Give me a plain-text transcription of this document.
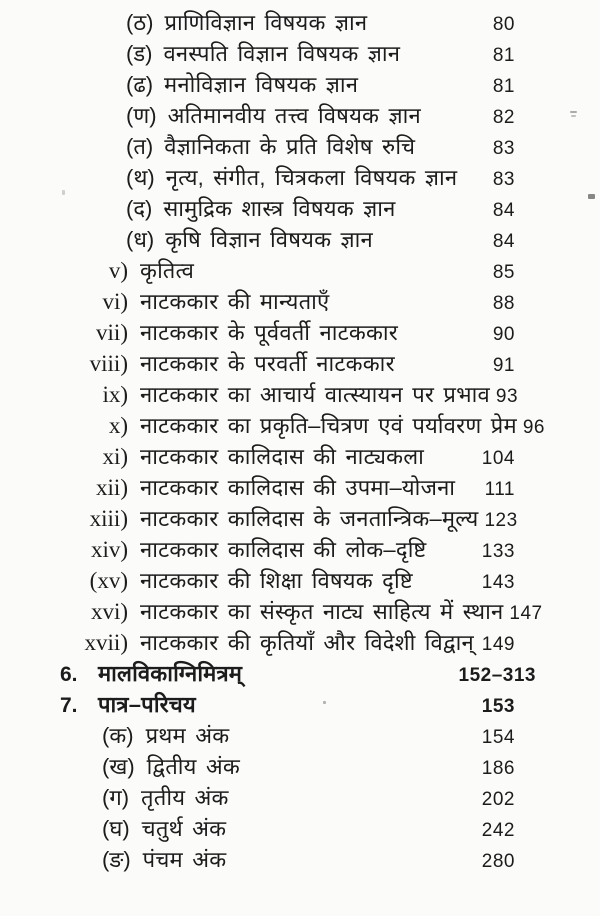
(ठ) प्राणिविज्ञान विषयक ज्ञान	80
(ड) वनस्पति विज्ञान विषयक ज्ञान	81
(ढ) मनोविज्ञान विषयक ज्ञान	81
(ण) अतिमानवीय तत्त्व विषयक ज्ञान	82
(त) वैज्ञानिकता के प्रति विशेष रुचि	83
(थ) नृत्य, संगीत, चित्रकला विषयक ज्ञान	83
(द) सामुद्रिक शास्त्र विषयक ज्ञान	84
(ध) कृषि विज्ञान विषयक ज्ञान	84
v) कृतित्व	85
vi) नाटककार की मान्यताएँ	88
vii) नाटककार के पूर्ववर्ती नाटककार	90
viii) नाटककार के परवर्ती नाटककार	91
ix) नाटककार का आचार्य वात्स्यायन पर प्रभाव 93
x) नाटककार का प्रकृति–चित्रण एवं पर्यावरण प्रेम 96
xi) नाटककार कालिदास की नाट्यकला	104
xii) नाटककार कालिदास की उपमा–योजना	111
xiii) नाटककार कालिदास के जनतान्त्रिक–मूल्य 123
xiv) नाटककार कालिदास की लोक–दृष्टि	133
(xv) नाटककार की शिक्षा विषयक दृष्टि	143
xvi) नाटककार का संस्कृत नाट्य साहित्य में स्थान 147
xvii) नाटककार की कृतियाँ और विदेशी विद्वान् 149
6. मालविकाग्निमित्रम्	152–313
7. पात्र–परिचय	153
(क) प्रथम अंक	154
(ख) द्वितीय अंक	186
(ग) तृतीय अंक	202
(घ) चतुर्थ अंक	242
(ङ) पंचम अंक	280
